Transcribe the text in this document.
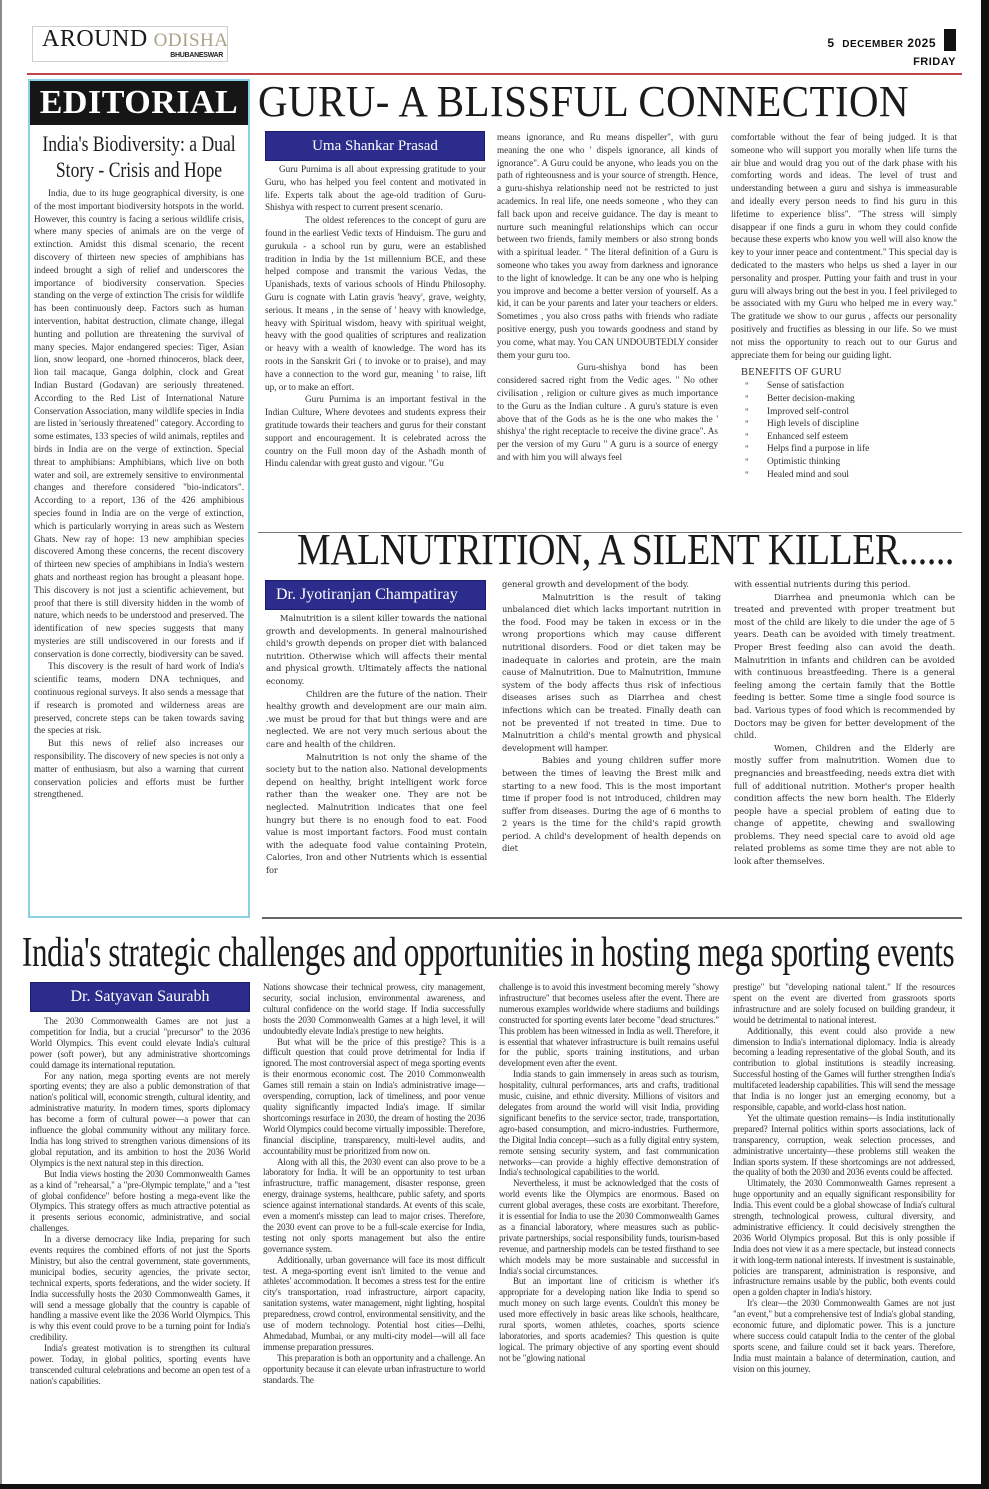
AROUND ODISHA
BHUBANESWAR
5 DECEMBER 2025
FRIDAY
EDITORIAL
India's Biodiversity: a Dual
Story - Crisis and Hope

India, due to its huge geographical diversity, is one of the most important biodiversity hotspots in the world. However, this country is facing a serious wildlife crisis, where many species of animals are on the verge of extinction. Amidst this dismal scenario, the recent discovery of thirteen new species of amphibians has indeed brought a sigh of relief and underscores the importance of biodiversity conservation. Species standing on the verge of extinction The crisis for wildlife has been continuously deep. Factors such as human intervention, habitat destruction, climate change, illegal hunting and pollution are threatening the survival of many species. Major endangered species: Tiger, Asian lion, snow leopard, one -horned rhinoceros, black deer, lion tail macaque, Ganga dolphin, clock and Great Indian Bustard (Godavan) are seriously threatened. According to the Red List of International Nature Conservation Association, many wildlife species in India are listed in 'seriously threatened" category. According to some estimates, 133 species of wild animals, reptiles and birds in India are on the verge of extinction. Special threat to amphibians: Amphibians, which live on both water and soil, are extremely sensitive to environmental changes and therefore considered "bio-indicators". According to a report, 136 of the 426 amphibious species found in India are on the verge of extinction, which is particularly worrying in areas such as Western Ghats. New ray of hope: 13 new amphibian species discovered Among these concerns, the recent discovery of thirteen new species of amphibians in India's western ghats and northeast region has brought a pleasant hope. This discovery is not just a scientific achievement, but proof that there is still diversity hidden in the womb of nature, which needs to be understood and preserved. The identification of new species suggests that many mysteries are still undiscovered in our forests and if conservation is done correctly, biodiversity can be saved.

This discovery is the result of hard work of India's scientific teams, modern DNA techniques, and continuous regional surveys. It also sends a message that if research is promoted and wilderness areas are preserved, concrete steps can be taken towards saving the species at risk.

But this news of relief also increases our responsibility. The discovery of new species is not only a matter of enthusiasm, but also a warning that current conservation policies and efforts must be further strengthened.

GURU- A BLISSFUL CONNECTION
Uma Shankar Prasad

Guru Purnima is all about expressing gratitude to your Guru, who has helped you feel content and motivated in life. Experts talk about the age-old tradition of Guru-Shishya with respect to current present scenario.

The oldest references to the concept of guru are found in the earliest Vedic texts of Hinduism. The guru and gurukula - a school run by guru, were an established tradition in India by the 1st millennium BCE, and these helped compose and transmit the various Vedas, the Upanishads, texts of various schools of Hindu Philosophy. Guru is cognate with Latin gravis 'heavy', grave, weighty, serious. It means , in the sense of ' heavy with knowledge, heavy with Spiritual wisdom, heavy with spiritual weight, heavy with the good qualities of scriptures and realization or heavy with a wealth of knowledge. The word has its roots in the Sanskrit Gri ( to invoke or to praise), and may have a connection to the word gur, meaning ' to raise, lift up, or to make an effort.

Guru Purnima is an important festival in the Indian Culture, Where devotees and students express their gratitude towards their teachers and gurus for their constant support and encouragement. It is celebrated across the country on the Full moon day of the Ashadh month of Hindu calendar with great gusto and vigour. "Gu

means ignorance, and Ru means dispeller", with guru meaning the one who ' dispels ignorance, all kinds of ignorance". A Guru could be anyone, who leads you on the path of righteousness and is your source of strength. Hence, a guru-shishya relationship need not be restricted to just academics. In real life, one needs someone , who they can fall back upon and receive guidance. The day is meant to nurture such meaningful relationships which can occur between two friends, family members or also strong bonds with a spiritual leader. " The literal definition of a Guru is someone who takes you away from darkness and ignorance to the light of knowledge. It can be any one who is helping you improve and become a better version of yourself. As a kid, it can be your parents and later your teachers or elders. Sometimes , you also cross paths with friends who radiate positive energy, push you towards goodness and stand by you come, what may. You CAN UNDOUBTEDLY consider them your guru too.

Guru-shishya bond has been considered sacred right from the Vedic ages. " No other civilisation , religion or culture gives as much importance to the Guru as the Indian culture . A guru's stature is even above that of the Gods as he is the one who makes the ' shishya' the right receptacle to receive the divine grace". As per the version of my Guru " A guru is a source of energy and with him you will always feel

comfortable without the fear of being judged. It is that someone who will support you morally when life turns the air blue and would drag you out of the dark phase with his comforting words and ideas. The level of trust and understanding between a guru and sishya is immeasurable and ideally every person needs to find his guru in this lifetime to experience bliss". "The stress will simply disappear if one finds a guru in whom they could confide because these experts who know you well will also know the key to your inner peace and contentment." This special day is dedicated to the masters who helps us shed a layer in our personality and prosper. Putting your faith and trust in your guru will always bring out the best in you. I feel privileged to be associated with my Guru who helped me in every way." The gratitude we show to our gurus , affects our personality positively and fructifies as blessing in our life. So we must not miss the opportunity to reach out to our Gurus and appreciate them for being our guiding light.

BENEFITS OF GURU
" Sense of satisfaction
" Better decision-making
" Improved self-control
" High levels of discipline
" Enhanced self esteem
" Helps find a purpose in life
" Optimistic thinking
" Healed mind and soul
MALNUTRITION, A SILENT KILLER......
Dr. Jyotiranjan Champatiray

Malnutrition is a silent killer towards the national growth and developments. In general malnourished child's growth depends on proper diet with balanced nutrition. Otherwise which will affects their mental and physical growth. Ultimately affects the national economy.

Children are the future of the nation. Their healthy growth and development are our main aim. .we must be proud for that but things were and are neglected. We are not very much serious about the care and health of the children.

Malnutrition is not only the shame of the society but to the nation also. National developments depend on healthy, bright intelligent work force rather than the weaker one. They are not be neglected. Malnutrition indicates that one feel hungry but there is no enough food to eat. Food value is most important factors. Food must contain with the adequate food value containing Protein, Calories, Iron and other Nutrients which is essential for

general growth and development of the body.

Malnutrition is the result of taking unbalanced diet which lacks important nutrition in the food. Food may be taken in excess or in the wrong proportions which may cause different nutritional disorders. Food or diet taken may be inadequate in calories and protein, are the main cause of Malnutrition. Due to Malnutrition, Immune system of the body affects thus risk of infectious diseases arises such as Diarrhea and chest infections which can be treated. Finally death can not be prevented if not treated in time. Due to Malnutrition a child's mental growth and physical development will hamper.

Babies and young children suffer more between the times of leaving the Brest milk and starting to a new food. This is the most important time if proper food is not introduced, children may suffer from diseases. During the age of 6 months to 2 years is the time for the child's rapid growth period. A child's development of health depends on diet

with essential nutrients during this period.

Diarrhea and pneumonia which can be treated and prevented with proper treatment but most of the child are likely to die under the age of 5 years. Death can be avoided with timely treatment. Proper Brest feeding also can avoid the death. Malnutrition in infants and children can be avoided with continuous breastfeeding. There is a general feeling among the certain family that the Bottle feeding is better. Some time a single food source is bad. Various types of food which is recommended by Doctors may be given for better development of the child.

Women, Children and the Elderly are mostly suffer from malnutrition. Women due to pregnancies and breastfeeding, needs extra diet with full of additional nutrition. Mother's proper health condition affects the new born health. The Elderly people have a special problem of eating due to change of appetite, chewing and swallowing problems. They need special care to avoid old age related problems as some time they are not able to look after themselves.

India's strategic challenges and opportunities in hosting mega sporting events
Dr. Satyavan Saurabh

The 2030 Commonwealth Games are not just a competition for India, but a crucial "precursor" to the 2036 World Olympics. This event could elevate India's cultural power (soft power), but any administrative shortcomings could damage its international reputation.

For any nation, mega sporting events are not merely sporting events; they are also a public demonstration of that nation's political will, economic strength, cultural identity, and administrative maturity. In modern times, sports diplomacy has become a form of cultural power—a power that can influence the global community without any military force. India has long strived to strengthen various dimensions of its global reputation, and its ambition to host the 2036 World Olympics is the next natural step in this direction.

But India views hosting the 2030 Commonwealth Games as a kind of "rehearsal," a "pre-Olympic template," and a "test of global confidence" before hosting a mega-event like the Olympics. This strategy offers as much attractive potential as it presents serious economic, administrative, and social challenges.

In a diverse democracy like India, preparing for such events requires the combined efforts of not just the Sports Ministry, but also the central government, state governments, municipal bodies, security agencies, the private sector, technical experts, sports federations, and the wider society. If India successfully hosts the 2030 Commonwealth Games, it will send a message globally that the country is capable of handling a massive event like the 2036 World Olympics. This is why this event could prove to be a turning point for India's credibility.

India's greatest motivation is to strengthen its cultural power. Today, in global politics, sporting events have transcended cultural celebrations and become an open test of a nation's capabilities.

Nations showcase their technical prowess, city management, security, social inclusion, environmental awareness, and cultural confidence on the world stage. If India successfully hosts the 2030 Commonwealth Games at a high level, it will undoubtedly elevate India's prestige to new heights.

But what will be the price of this prestige? This is a difficult question that could prove detrimental for India if ignored. The most controversial aspect of mega sporting events is their enormous economic cost. The 2010 Commonwealth Games still remain a stain on India's administrative image—overspending, corruption, lack of timeliness, and poor venue quality significantly impacted India's image. If similar shortcomings resurface in 2030, the dream of hosting the 2036 World Olympics could become virtually impossible. Therefore, financial discipline, transparency, multi-level audits, and accountability must be prioritized from now on.

Along with all this, the 2030 event can also prove to be a laboratory for India. It will be an opportunity to test urban infrastructure, traffic management, disaster response, green energy, drainage systems, healthcare, public safety, and sports science against international standards. At events of this scale, even a moment's misstep can lead to major crises. Therefore, the 2030 event can prove to be a full-scale exercise for India, testing not only sports management but also the entire governance system.

Additionally, urban governance will face its most difficult test. A mega-sporting event isn't limited to the venue and athletes' accommodation. It becomes a stress test for the entire city's transportation, road infrastructure, airport capacity, sanitation systems, water management, night lighting, hospital preparedness, crowd control, environmental sensitivity, and the use of modern technology. Potential host cities—Delhi, Ahmedabad, Mumbai, or any multi-city model—will all face immense preparation pressures.

This preparation is both an opportunity and a challenge. An opportunity because it can elevate urban infrastructure to world standards. The

challenge is to avoid this investment becoming merely "showy infrastructure" that becomes useless after the event. There are numerous examples worldwide where stadiums and buildings constructed for sporting events later become "dead structures." This problem has been witnessed in India as well. Therefore, it is essential that whatever infrastructure is built remains useful for the public, sports training institutions, and urban development even after the event.

India stands to gain immensely in areas such as tourism, hospitality, cultural performances, arts and crafts, traditional music, cuisine, and ethnic diversity. Millions of visitors and delegates from around the world will visit India, providing significant benefits to the service sector, trade, transportation, agro-based consumption, and micro-industries. Furthermore, the Digital India concept—such as a fully digital entry system, remote sensing security system, and fast communication networks—can provide a highly effective demonstration of India's technological capabilities to the world.

Nevertheless, it must be acknowledged that the costs of world events like the Olympics are enormous. Based on current global averages, these costs are exorbitant. Therefore, it is essential for India to use the 2030 Commonwealth Games as a financial laboratory, where measures such as public-private partnerships, social responsibility funds, tourism-based revenue, and partnership models can be tested firsthand to see which models may be more sustainable and successful in India's social circumstances.

But an important line of criticism is whether it's appropriate for a developing nation like India to spend so much money on such large events. Couldn't this money be used more effectively in basic areas like schools, healthcare, rural sports, women athletes, coaches, sports science laboratories, and sports academies? This question is quite logical. The primary objective of any sporting event should not be "glowing national

prestige" but "developing national talent." If the resources spent on the event are diverted from grassroots sports infrastructure and are solely focused on building grandeur, it would be detrimental to national interest.

Additionally, this event could also provide a new dimension to India's international diplomacy. India is already becoming a leading representative of the global South, and its contribution to global institutions is steadily increasing. Successful hosting of the Games will further strengthen India's multifaceted leadership capabilities. This will send the message that India is no longer just an emerging economy, but a responsible, capable, and world-class host nation.

Yet the ultimate question remains—is India institutionally prepared? Internal politics within sports associations, lack of transparency, corruption, weak selection processes, and administrative uncertainty—these problems still weaken the Indian sports system. If these shortcomings are not addressed, the quality of both the 2030 and 2036 events could be affected.

Ultimately, the 2030 Commonwealth Games represent a huge opportunity and an equally significant responsibility for India. This event could be a global showcase of India's cultural strength, technological prowess, cultural diversity, and administrative efficiency. It could decisively strengthen the 2036 World Olympics proposal. But this is only possible if India does not view it as a mere spectacle, but instead connects it with long-term national interests. If investment is sustainable, policies are transparent, administration is responsive, and infrastructure remains usable by the public, both events could open a golden chapter in India's history.

It's clear—the 2030 Commonwealth Games are not just "an event," but a comprehensive test of India's global standing, economic future, and diplomatic power. This is a juncture where success could catapult India to the center of the global sports scene, and failure could set it back years. Therefore, India must maintain a balance of determination, caution, and vision on this journey.
